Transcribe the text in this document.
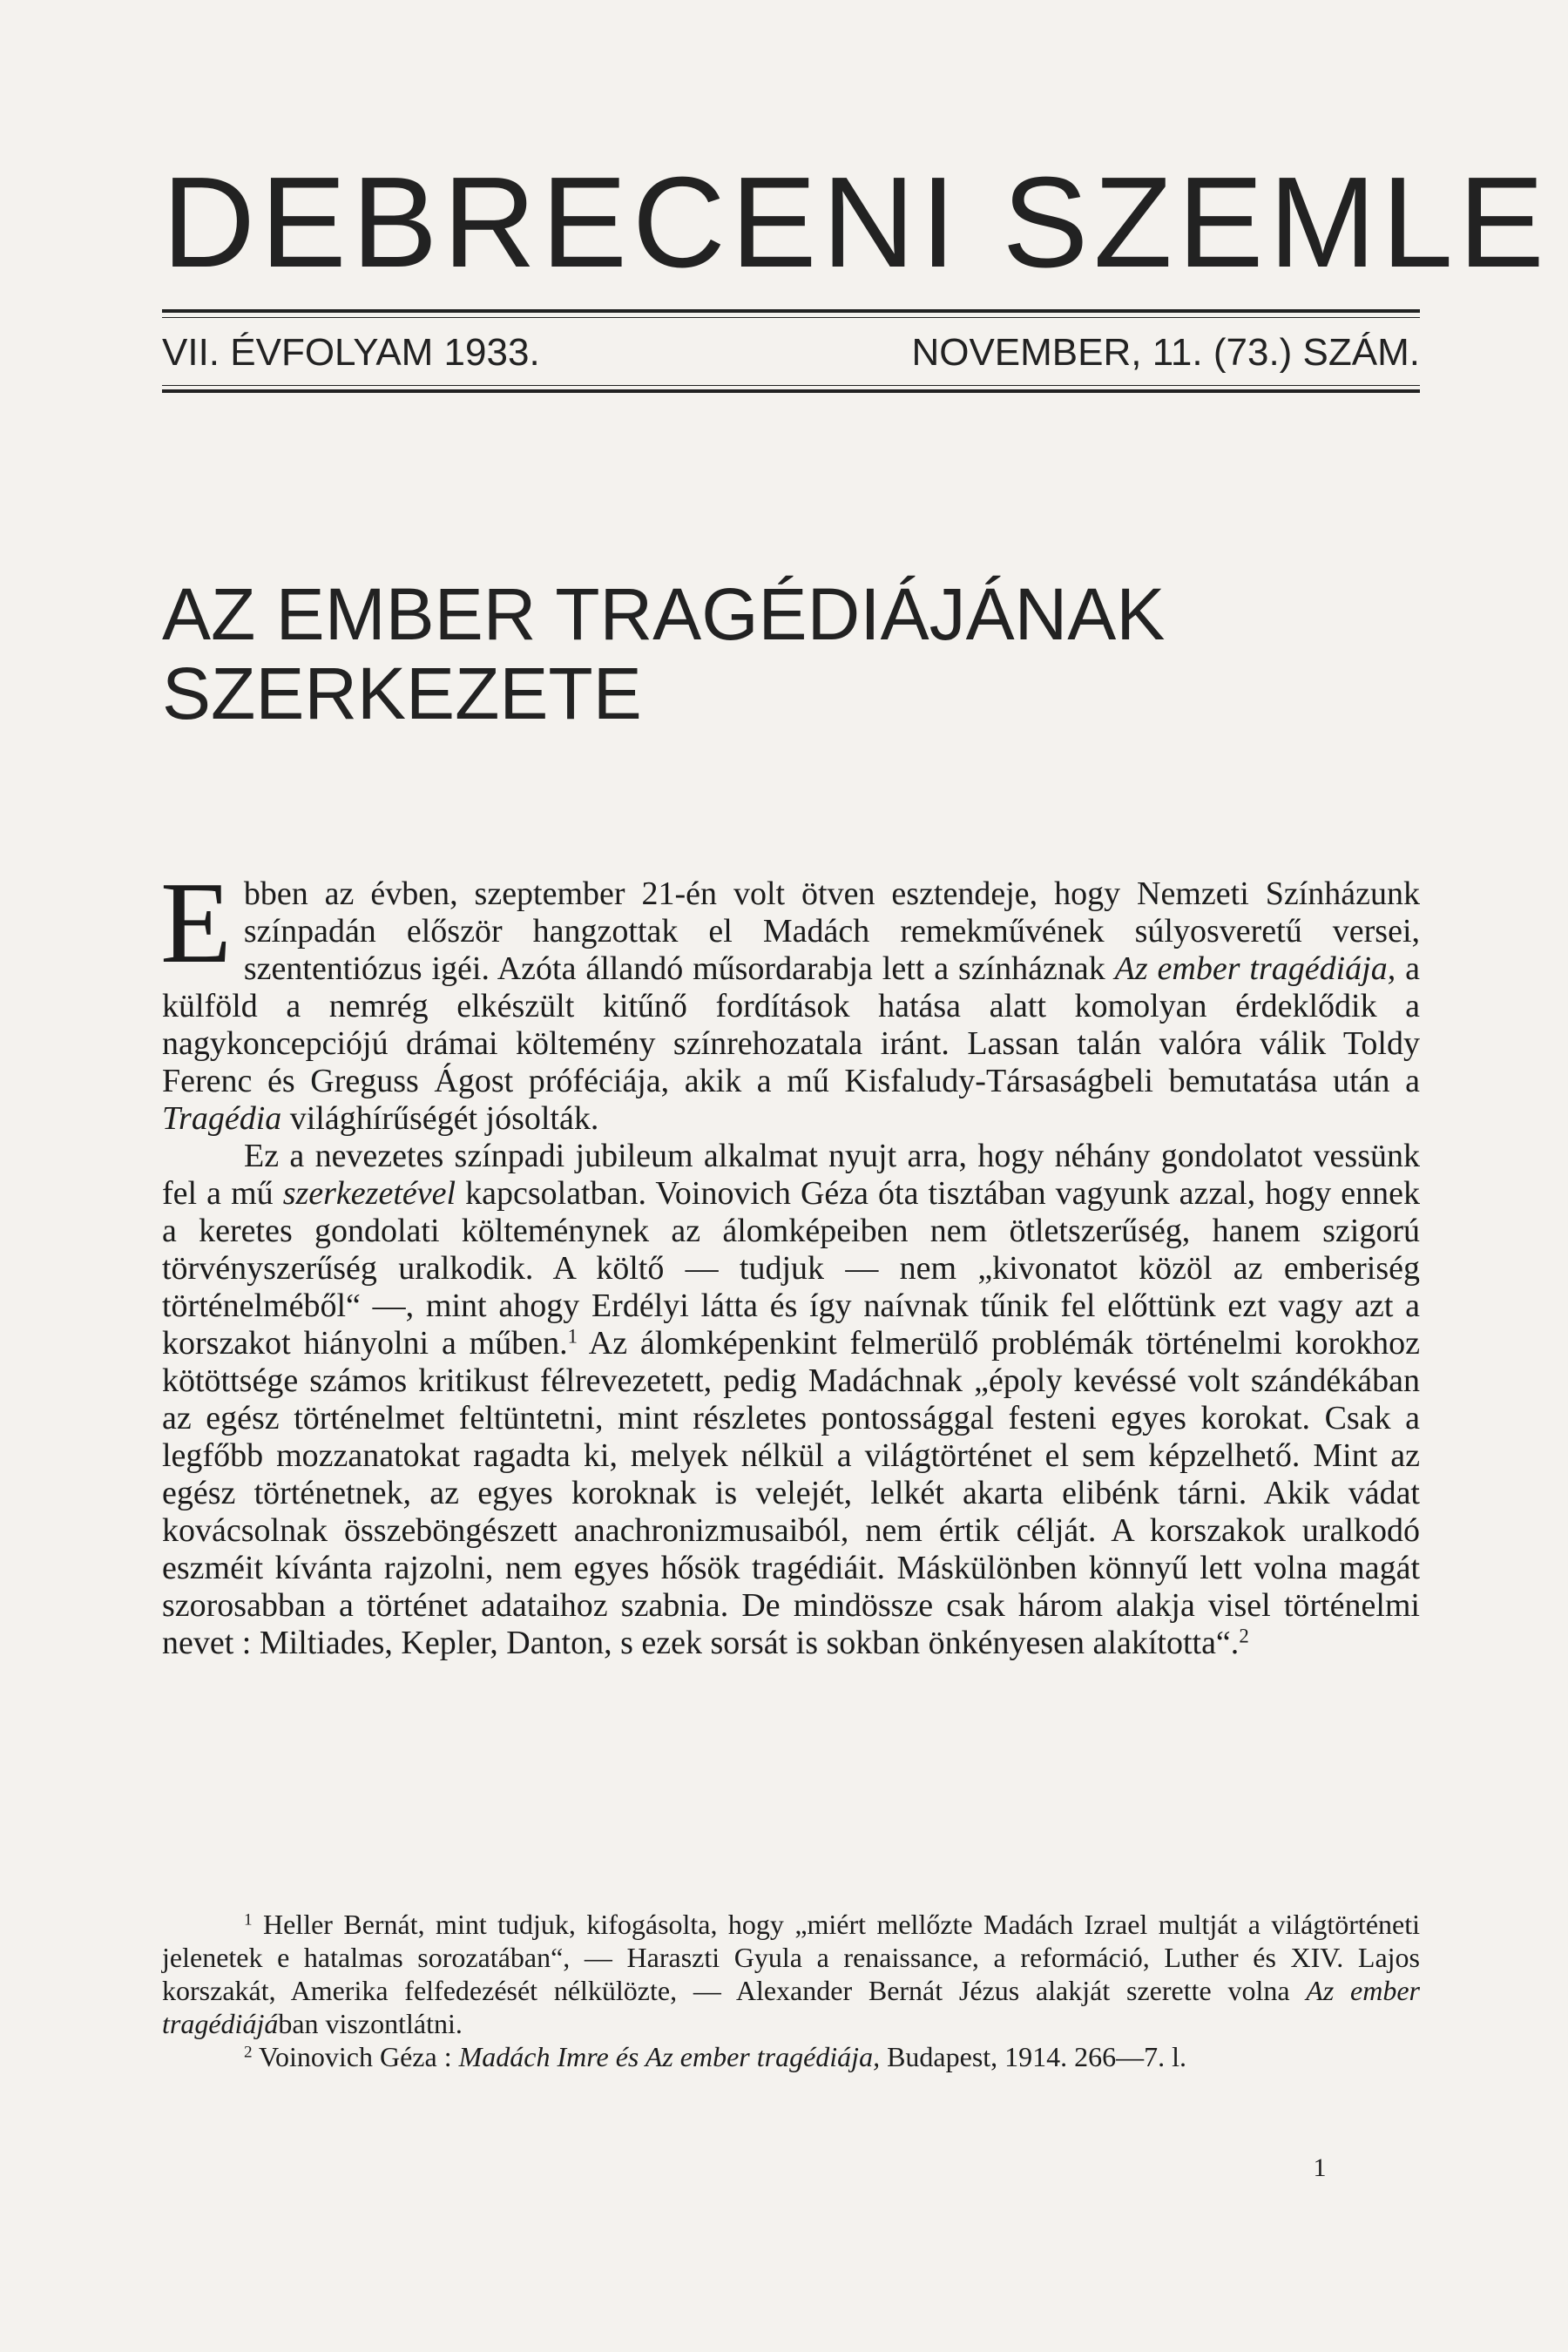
DEBRECENI SZEMLE
VII. ÉVFOLYAM 1933.	NOVEMBER, 11. (73.) SZÁM.
AZ EMBER TRAGÉDIÁJÁNAK
SZERKEZETE

Ebben az évben, szeptember 21-én volt ötven esztendeje, hogy Nemzeti Színházunk színpadán először hangzottak el Madách remekművének súlyosveretű versei, szententiózus igéi. Azóta állandó műsordarabja lett a színháznak Az ember tragédiája, a külföld a nemrég elkészült kitűnő fordítások hatása alatt komolyan érdeklődik a nagykoncepciójú drámai költemény színrehozatala iránt. Lassan talán valóra válik Toldy Ferenc és Greguss Ágost próféciája, akik a mű Kisfaludy-Társaságbeli bemutatása után a Tragédia világhírűségét jósolták.

Ez a nevezetes színpadi jubileum alkalmat nyujt arra, hogy néhány gondolatot vessünk fel a mű szerkezetével kapcsolatban. Voinovich Géza óta tisztában vagyunk azzal, hogy ennek a keretes gondolati költeménynek az álomképeiben nem ötletszerűség, hanem szigorú törvényszerűség uralkodik. A költő — tudjuk — nem „kivonatot közöl az emberiség történelméből“ —, mint ahogy Erdélyi látta és így naívnak tűnik fel előttünk ezt vagy azt a korszakot hiányolni a műben.$^1$ Az álomképenkint felmerülő problémák történelmi korokhoz kötöttsége számos kritikust félrevezetett, pedig Madáchnak „époly kevéssé volt szándékában az egész történelmet feltüntetni, mint részletes pontossággal festeni egyes korokat. Csak a legfőbb mozzanatokat ragadta ki, melyek nélkül a világtörténet el sem képzelhető. Mint az egész történetnek, az egyes koroknak is velejét, lelkét akarta elibénk tárni. Akik vádat kovácsolnak összeböngészett anachronizmusaiból, nem értik célját. A korszakok uralkodó eszméit kívánta rajzolni, nem egyes hősök tragédiáit. Máskülönben könnyű lett volna magát szorosabban a történet adataihoz szabnia. De mindössze csak három alakja visel történelmi nevet : Miltiades, Kepler, Danton, s ezek sorsát is sokban önkényesen alakította“.$^2$

$^1$ Heller Bernát, mint tudjuk, kifogásolta, hogy „miért mellőzte Madách Izrael multját a világtörténeti jelenetek e hatalmas sorozatában“, — Haraszti Gyula a renaissance, a reformáció, Luther és XIV. Lajos korszakát, Amerika felfedezését nélkülözte, — Alexander Bernát Jézus alakját szerette volna Az ember tragédiájában viszontlátni.

$^2$ Voinovich Géza : Madách Imre és Az ember tragédiája, Budapest, 1914. 266—7. l.

1
